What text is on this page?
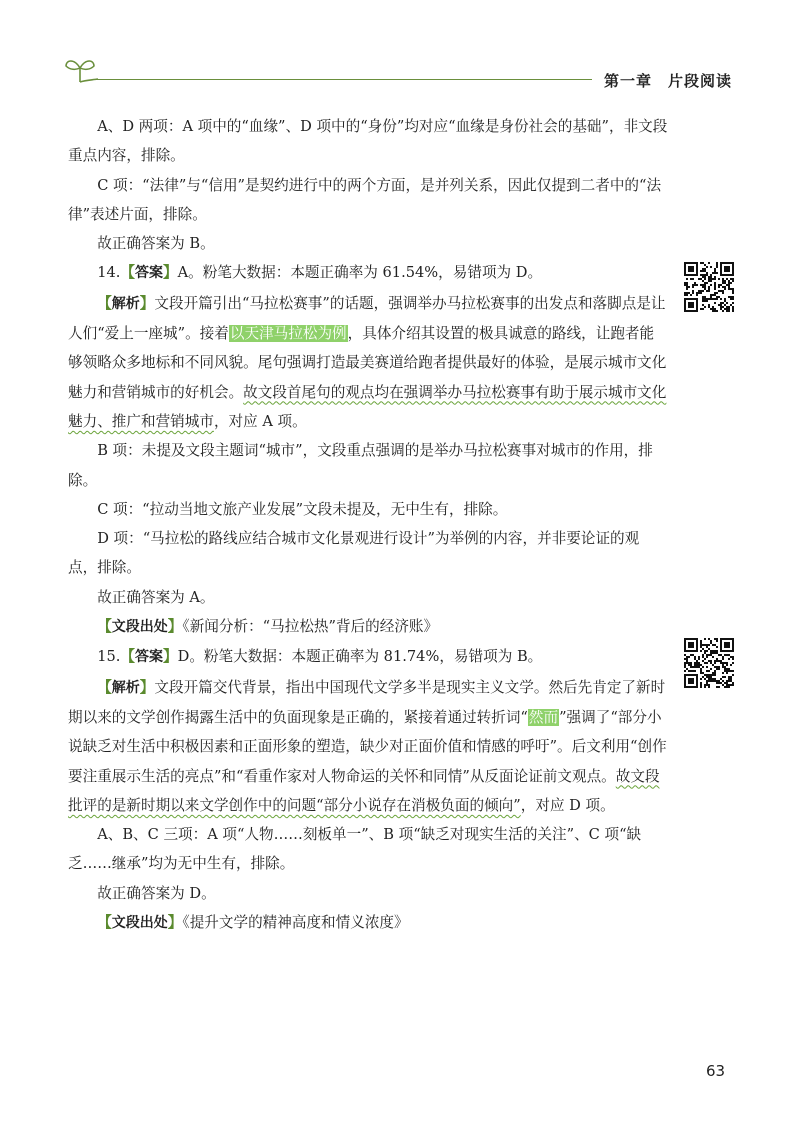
第一章　片段阅读

A、D 两项：A 项中的“血缘”、D 项中的“身份”均对应“血缘是身份社会的基础”，非文段重点内容，排除。

C 项：“法律”与“信用”是契约进行中的两个方面，是并列关系，因此仅提到二者中的“法律”表述片面，排除。

故正确答案为 B。

14.【答案】A。粉笔大数据：本题正确率为 61.54%，易错项为 D。

【解析】文段开篇引出“马拉松赛事”的话题，强调举办马拉松赛事的出发点和落脚点是让人们“爱上一座城”。接着以天津马拉松为例，具体介绍其设置的极具诚意的路线，让跑者能够领略众多地标和不同风貌。尾句强调打造最美赛道给跑者提供最好的体验，是展示城市文化魅力和营销城市的好机会。故文段首尾句的观点均在强调举办马拉松赛事有助于展示城市文化魅力、推广和营销城市，对应 A 项。

B 项：未提及文段主题词“城市”，文段重点强调的是举办马拉松赛事对城市的作用，排除。

C 项：“拉动当地文旅产业发展”文段未提及，无中生有，排除。

D 项：“马拉松的路线应结合城市文化景观进行设计”为举例的内容，并非要论证的观点，排除。

故正确答案为 A。

【文段出处】《新闻分析：“马拉松热”背后的经济账》

15.【答案】D。粉笔大数据：本题正确率为 81.74%，易错项为 B。

【解析】文段开篇交代背景，指出中国现代文学多半是现实主义文学。然后先肯定了新时期以来的文学创作揭露生活中的负面现象是正确的，紧接着通过转折词“然而”强调了“部分小说缺乏对生活中积极因素和正面形象的塑造，缺少对正面价值和情感的呼吁”。后文利用“创作要注重展示生活的亮点”和“看重作家对人物命运的关怀和同情”从反面论证前文观点。故文段批评的是新时期以来文学创作中的问题“部分小说存在消极负面的倾向”，对应 D 项。

A、B、C 三项：A 项“人物……刻板单一”、B 项“缺乏对现实生活的关注”、C 项“缺乏……继承”均为无中生有，排除。

故正确答案为 D。

【文段出处】《提升文学的精神高度和情义浓度》

63
